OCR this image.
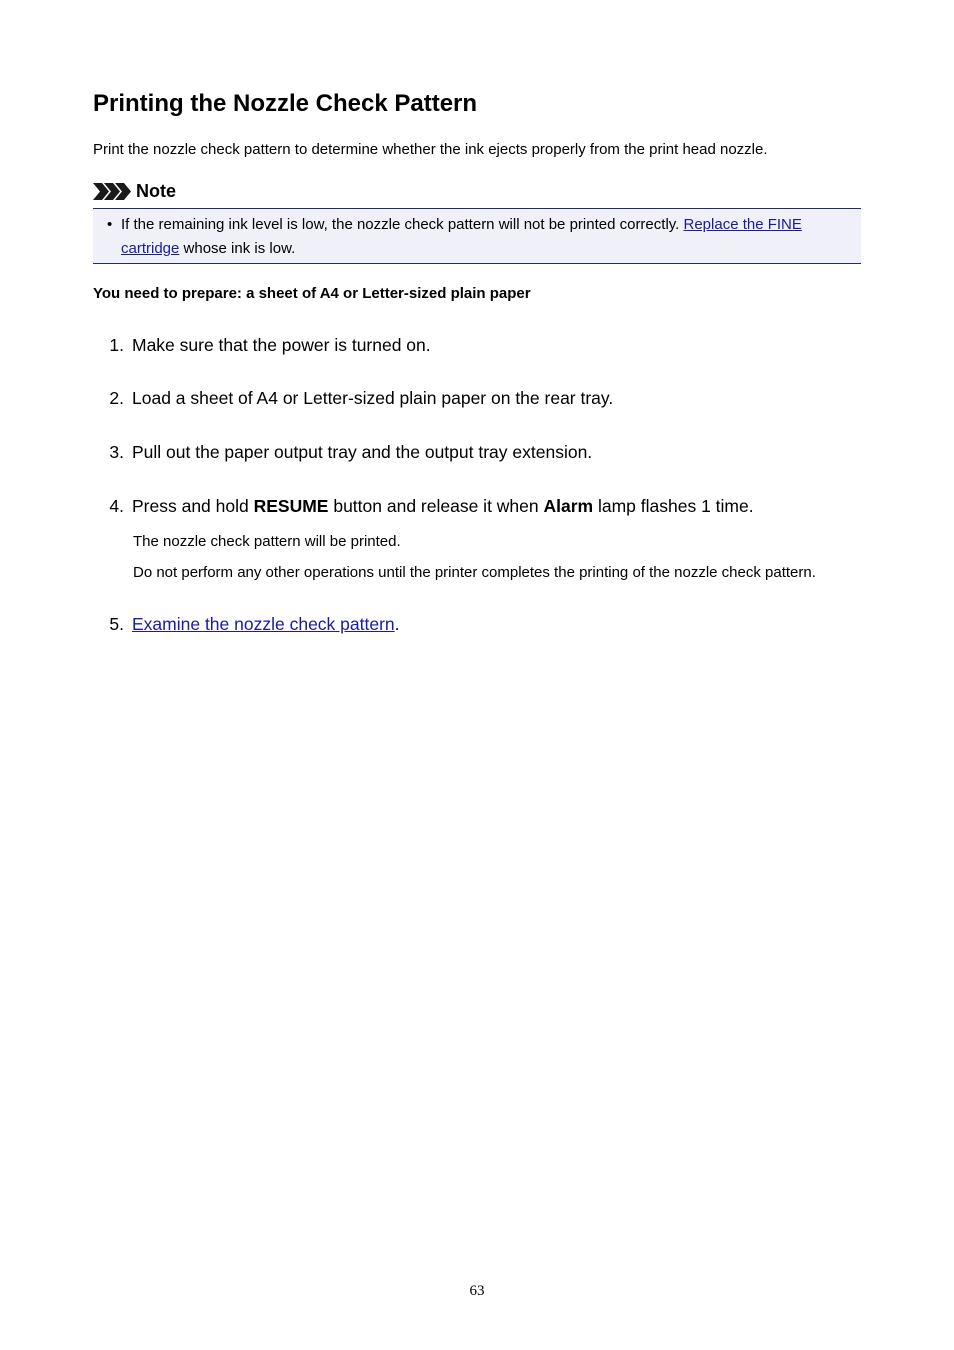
Printing the Nozzle Check Pattern

Print the nozzle check pattern to determine whether the ink ejects properly from the print head nozzle.

Note
• If the remaining ink level is low, the nozzle check pattern will not be printed correctly. Replace the FINE cartridge whose ink is low.

You need to prepare: a sheet of A4 or Letter-sized plain paper

1. Make sure that the power is turned on.
2. Load a sheet of A4 or Letter-sized plain paper on the rear tray.
3. Pull out the paper output tray and the output tray extension.
4. Press and hold RESUME button and release it when Alarm lamp flashes 1 time.

The nozzle check pattern will be printed.

Do not perform any other operations until the printer completes the printing of the nozzle check pattern.

5. Examine the nozzle check pattern.
63
